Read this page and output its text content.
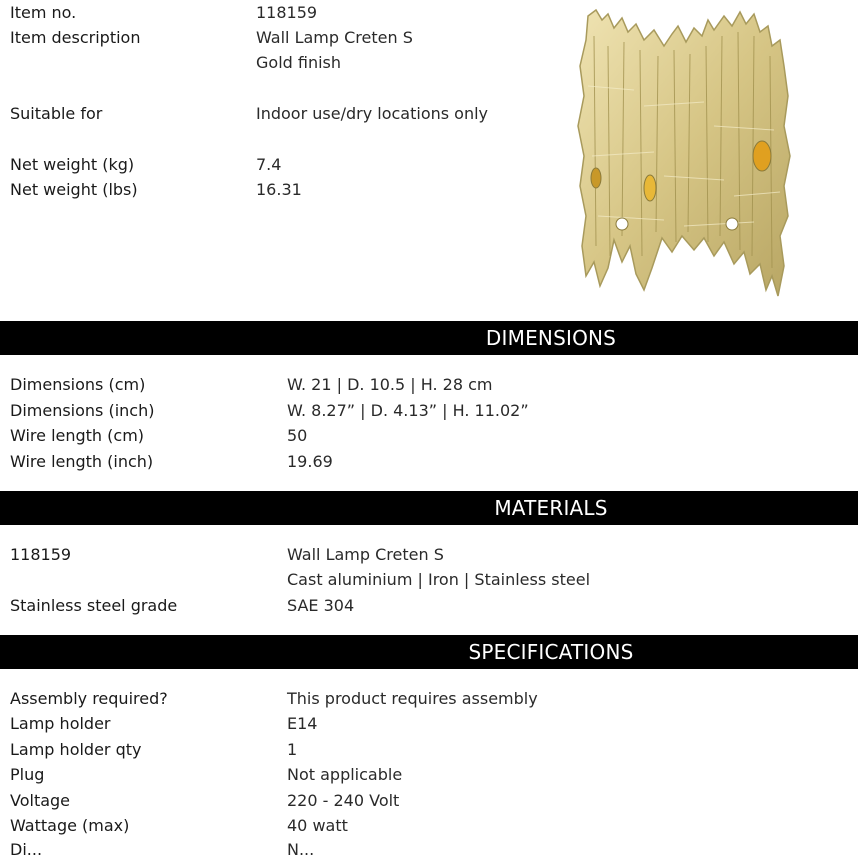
Item no.	118159
Item description	Wall Lamp Creten S
Gold finish
Suitable for	Indoor use/dry locations only
Net weight (kg)	7.4
Net weight (lbs)	16.31
DIMENSIONS
Dimensions (cm)	W. 21 | D. 10.5 | H. 28 cm
Dimensions (inch)	W. 8.27” | D. 4.13” | H. 11.02”
Wire length (cm)	50
Wire length (inch)	19.69
MATERIALS
118159	Wall Lamp Creten S
Cast aluminium | Iron | Stainless steel
Stainless steel grade	SAE 304
SPECIFICATIONS
Assembly required?	This product requires assembly
Lamp holder	E14
Lamp holder qty	1
Plug	Not applicable
Voltage	220 - 240 Volt
Wattage (max)	40 watt
Di...	N...
